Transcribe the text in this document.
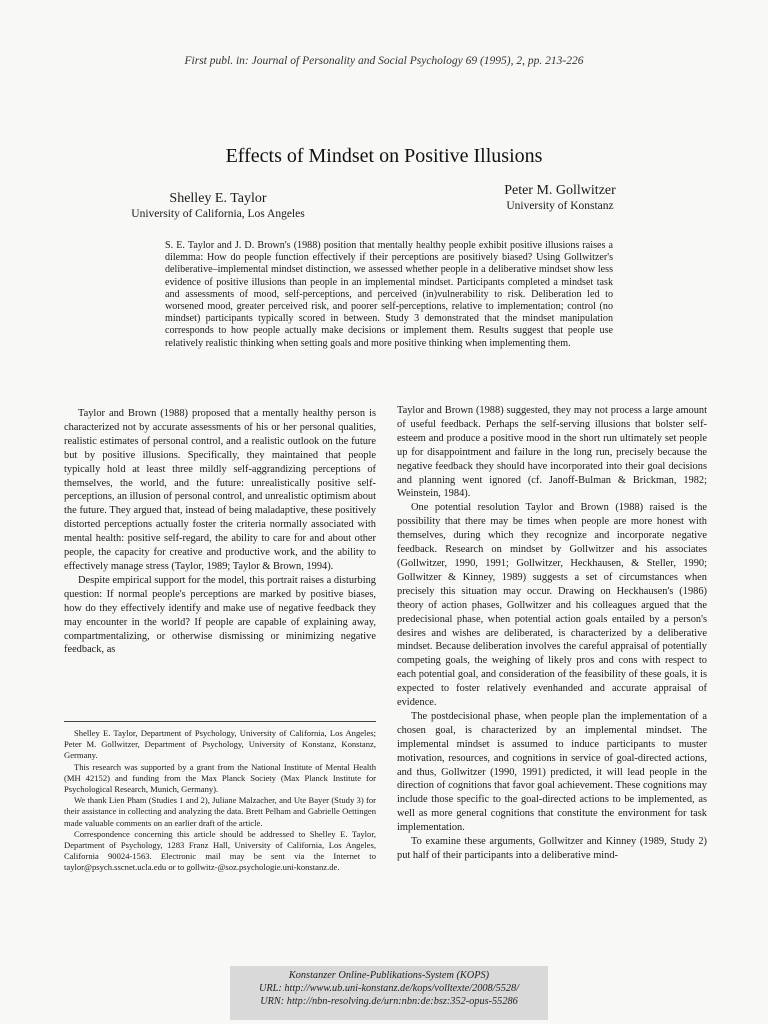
First publ. in: Journal of Personality and Social Psychology 69 (1995), 2, pp. 213-226
Effects of Mindset on Positive Illusions
Shelley E. Taylor
University of California, Los Angeles
Peter M. Gollwitzer
University of Konstanz
S. E. Taylor and J. D. Brown's (1988) position that mentally healthy people exhibit positive illusions raises a dilemma: How do people function effectively if their perceptions are positively biased? Using Gollwitzer's deliberative–implemental mindset distinction, we assessed whether people in a deliberative mindset show less evidence of positive illusions than people in an implemental mindset. Participants completed a mindset task and assessments of mood, self-perceptions, and perceived (in)vulnerability to risk. Deliberation led to worsened mood, greater perceived risk, and poorer self-perceptions, relative to implementation; control (no mindset) participants typically scored in between. Study 3 demonstrated that the mindset manipulation corresponds to how people actually make decisions or implement them. Results suggest that people use relatively realistic thinking when setting goals and more positive thinking when implementing them.

Taylor and Brown (1988) proposed that a mentally healthy person is characterized not by accurate assessments of his or her personal qualities, realistic estimates of personal control, and a realistic outlook on the future but by positive illusions. Specifically, they maintained that people typically hold at least three mildly self-aggrandizing perceptions of themselves, the world, and the future: unrealistically positive self-perceptions, an illusion of personal control, and unrealistic optimism about the future. They argued that, instead of being maladaptive, these positively distorted perceptions actually foster the criteria normally associated with mental health: positive self-regard, the ability to care for and about other people, the capacity for creative and productive work, and the ability to effectively manage stress (Taylor, 1989; Taylor & Brown, 1994).

Despite empirical support for the model, this portrait raises a disturbing question: If normal people's perceptions are marked by positive biases, how do they effectively identify and make use of negative feedback they may encounter in the world? If people are capable of explaining away, compartmentalizing, or otherwise dismissing or minimizing negative feedback, as

Shelley E. Taylor, Department of Psychology, University of California, Los Angeles; Peter M. Gollwitzer, Department of Psychology, University of Konstanz, Konstanz, Germany.

This research was supported by a grant from the National Institute of Mental Health (MH 42152) and funding from the Max Planck Society (Max Planck Institute for Psychological Research, Munich, Germany).

We thank Lien Pham (Studies 1 and 2), Juliane Malzacher, and Ute Bayer (Study 3) for their assistance in collecting and analyzing the data. Brett Pelham and Gabrielle Oettingen made valuable comments on an earlier draft of the article.

Correspondence concerning this article should be addressed to Shelley E. Taylor, Department of Psychology, 1283 Franz Hall, University of California, Los Angeles, California 90024-1563. Electronic mail may be sent via the Internet to taylor@psych.sscnet.ucla.edu or to gollwitz-@soz.psychologie.uni-konstanz.de.

Taylor and Brown (1988) suggested, they may not process a large amount of useful feedback. Perhaps the self-serving illusions that bolster self-esteem and produce a positive mood in the short run ultimately set people up for disappointment and failure in the long run, precisely because the negative feedback they should have incorporated into their goal decisions and planning went ignored (cf. Janoff-Bulman & Brickman, 1982; Weinstein, 1984).

One potential resolution Taylor and Brown (1988) raised is the possibility that there may be times when people are more honest with themselves, during which they recognize and incorporate negative feedback. Research on mindset by Gollwitzer and his associates (Gollwitzer, 1990, 1991; Gollwitzer, Heckhausen, & Steller, 1990; Gollwitzer & Kinney, 1989) suggests a set of circumstances when precisely this situation may occur. Drawing on Heckhausen's (1986) theory of action phases, Gollwitzer and his colleagues argued that the predecisional phase, when potential action goals entailed by a person's desires and wishes are deliberated, is characterized by a deliberative mindset. Because deliberation involves the careful appraisal of potentially competing goals, the weighing of likely pros and cons with respect to each potential goal, and consideration of the feasibility of these goals, it is expected to foster relatively evenhanded and accurate appraisal of evidence.

The postdecisional phase, when people plan the implementation of a chosen goal, is characterized by an implemental mindset. The implemental mindset is assumed to induce participants to muster motivation, resources, and cognitions in service of goal-directed actions, and thus, Gollwitzer (1990, 1991) predicted, it will lead people in the direction of cognitions that favor goal achievement. These cognitions may include those specific to the goal-directed actions to be implemented, as well as more general cognitions that constitute the environment for task implementation.

To examine these arguments, Gollwitzer and Kinney (1989, Study 2) put half of their participants into a deliberative mind-

Konstanzer Online-Publikations-System (KOPS)
URL: http://www.ub.uni-konstanz.de/kops/volltexte/2008/5528/
URN: http://nbn-resolving.de/urn:nbn:de:bsz:352-opus-55286
